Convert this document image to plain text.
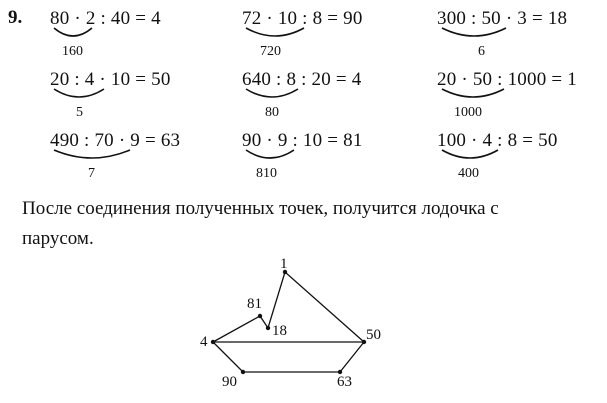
9. 80 · 2 : 40 = 4
160
72 · 10 : 8 = 90
720
300 : 50 · 3 = 18
6
20 : 4 · 10 = 50
5
640 : 8 : 20 = 4
80
20 · 50 : 1000 = 1
1000
490 : 70 · 9 = 63
7
90 · 9 : 10 = 81
810
100 · 4 : 8 = 50
400
После соединения полученных точек, получится лодочка с
парусом.
1
81
18
4	50
90	63
